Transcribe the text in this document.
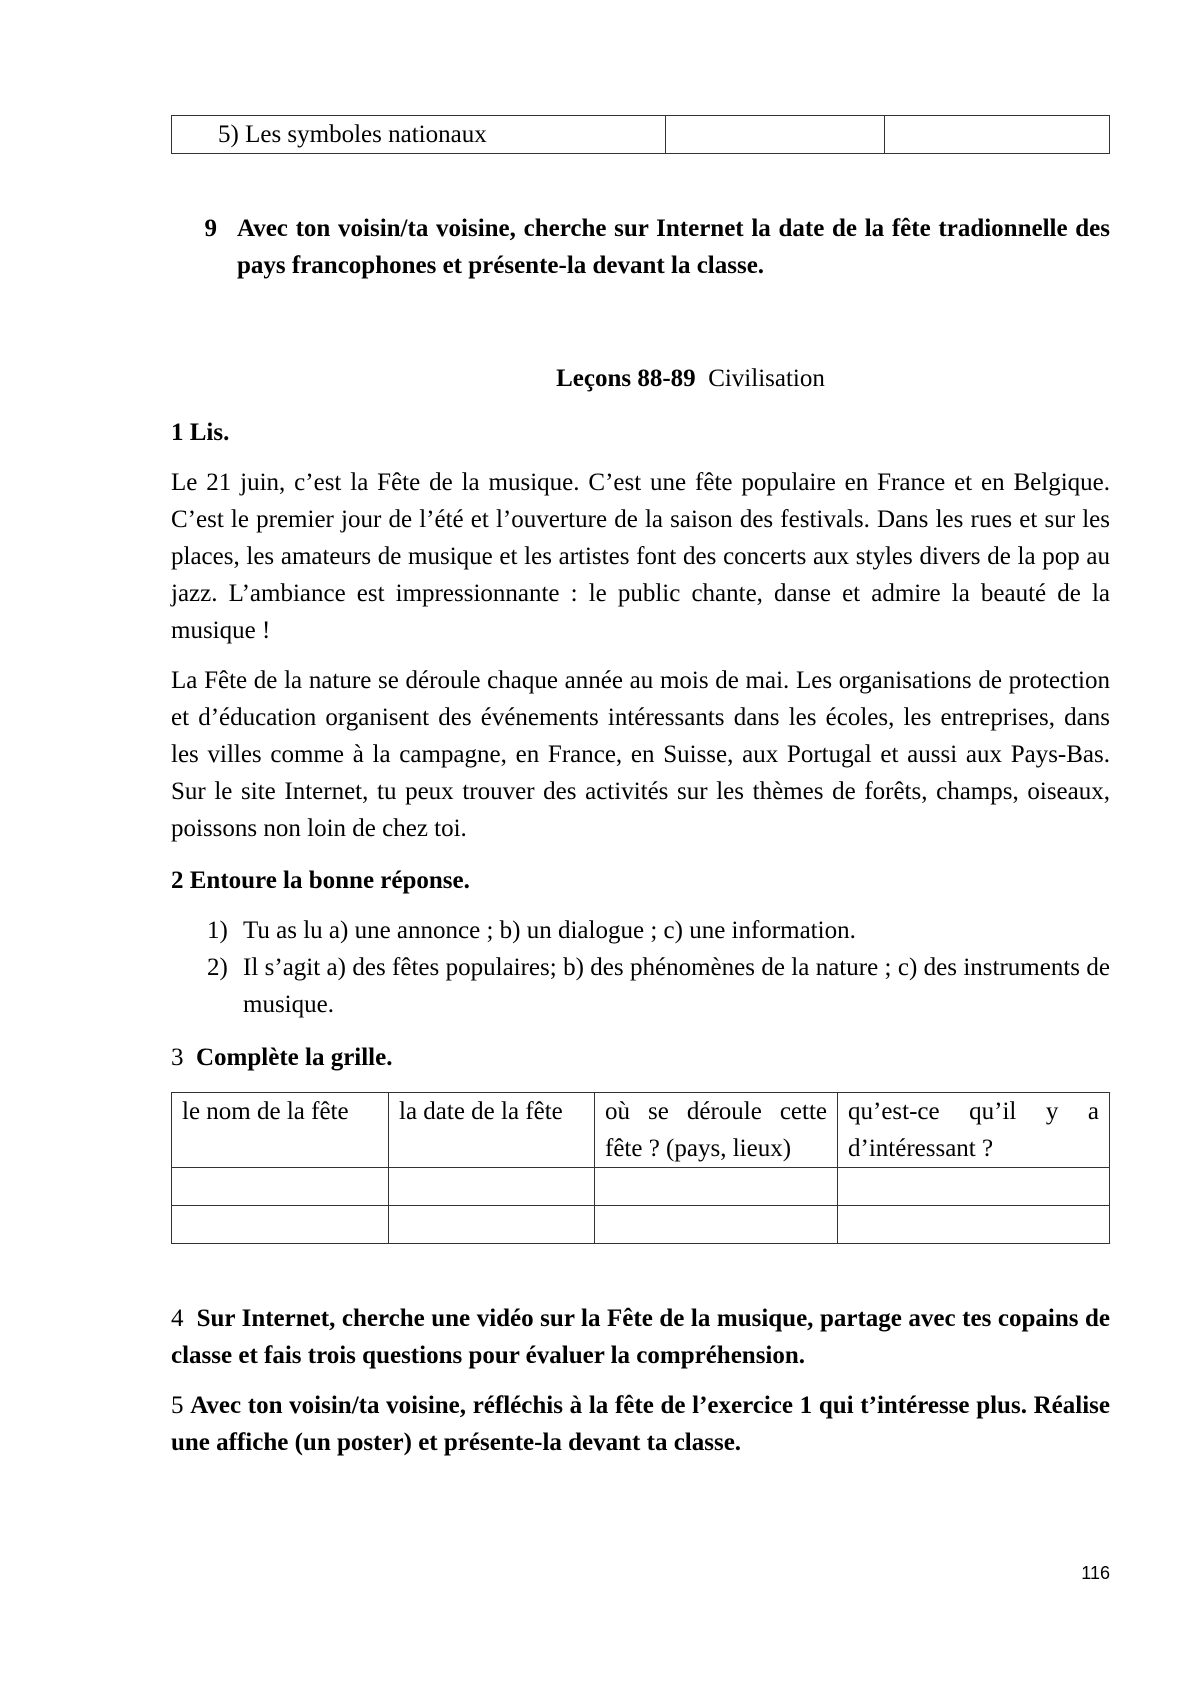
5) Les symboles nationaux		
9 Avec ton voisin/ta voisine, cherche sur Internet la date de la fête tradionnelle des pays francophones et présente-la devant la classe.
Leçons 88-89 Civilisation
1 Lis.
Le 21 juin, c’est la Fête de la musique. C’est une fête populaire en France et en Belgique. C’est le premier jour de l’été et l’ouverture de la saison des festivals. Dans les rues et sur les places, les amateurs de musique et les artistes font des concerts aux styles divers de la pop au jazz. L’ambiance est impressionnante : le public chante, danse et admire la beauté de la musique !
La Fête de la nature se déroule chaque année au mois de mai. Les organisations de protection et d’éducation organisent des événements intéressants dans les écoles, les entreprises, dans les villes comme à la campagne, en France, en Suisse, aux Portugal et aussi aux Pays-Bas. Sur le site Internet, tu peux trouver des activités sur les thèmes de forêts, champs, oiseaux, poissons non loin de chez toi.
2 Entoure la bonne réponse.
1) Tu as lu a) une annonce ; b) un dialogue ; c) une information.
2) Il s’agit a) des fêtes populaires; b) des phénomènes de la nature ; c) des instruments de musique.
3 Complète la grille.
le nom de la fête	la date de la fête	où se déroule cette fête ? (pays, lieux)	qu’est-ce qu’il y a d’intéressant ?

4 Sur Internet, cherche une vidéo sur la Fête de la musique, partage avec tes copains de classe et fais trois questions pour évaluer la compréhension.
5 Avec ton voisin/ta voisine, réfléchis à la fête de l’exercice 1 qui t’intéresse plus. Réalise une affiche (un poster) et présente-la devant ta classe.
116
